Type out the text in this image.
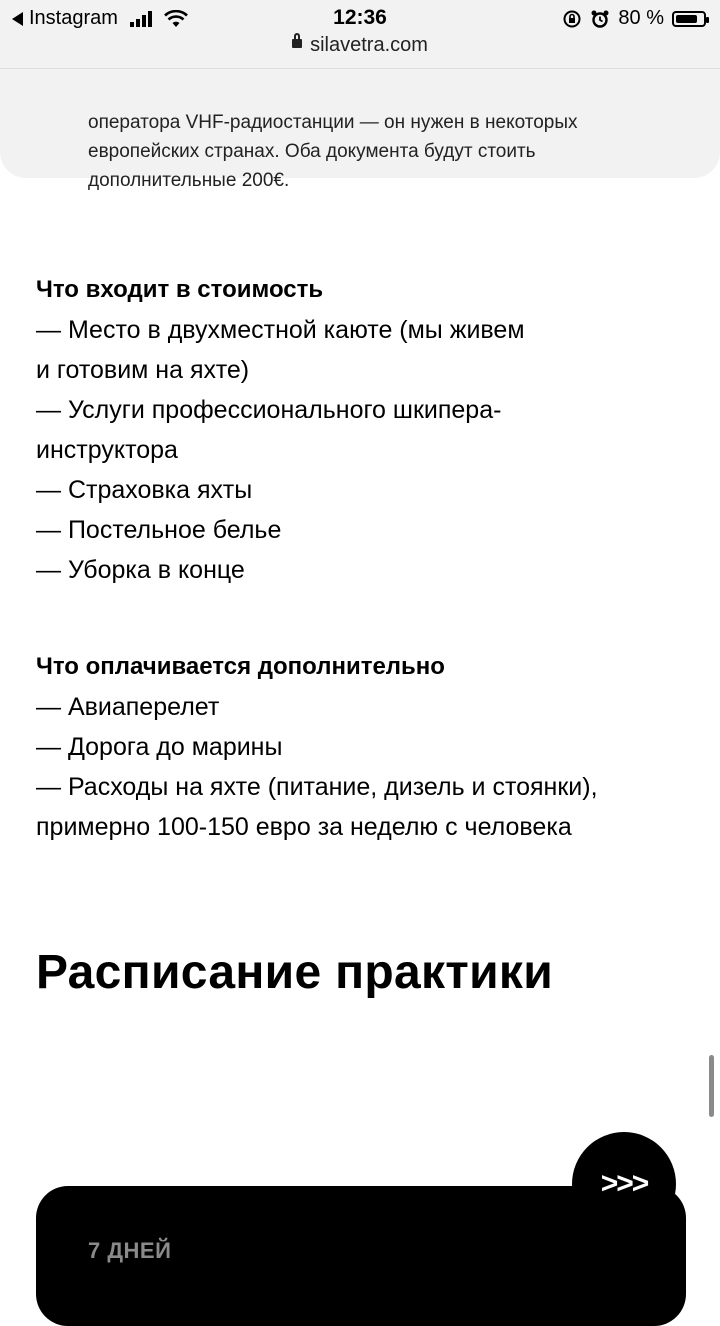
оператора VHF-радиостанции — он нужен в некоторых
европейских странах. Оба документа будут стоить
дополнительные 200€.
Instagram	12:36	80 %
silavetra.com
Что входит в стоимость

— Место в двухместной каюте (мы живем

и готовим на яхте)

— Услуги профессионального шкипера-

инструктора

— Страховка яхты

— Постельное белье

— Уборка в конце

Что оплачивается дополнительно

— Авиаперелет

— Дорога до марины

— Расходы на яхте (питание, дизель и стоянки),

примерно 100-150 евро за неделю с человека

Расписание практики
7 ДНЕЙ
>>>
